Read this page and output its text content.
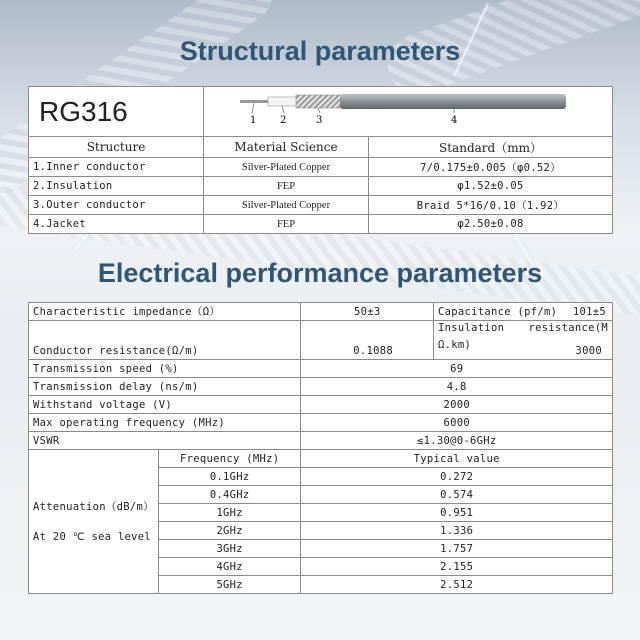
Structural parameters
RG316	1 2 3 4	

Structure	Material Science	Standard（mm）
1.Inner conductor	Silver-Plated Copper	7/0.175±0.005（φ0.52）
2.Insulation	FEP	φ1.52±0.05
3.Outer conductor	Silver-Plated Copper	Braid 5*16/0.10（1.92）
4.Jacket	FEP	φ2.50±0.08
Electrical performance parameters
Characteristic impedance（Ω）		50±3	Capacitance (pf/m) 101±5

Conductor resistance(Ω/m)		0.1088	Insulation resistance(M
Ω.km) 3000

Transmission speed (%)		69	
Transmission delay (ns/m)		4.8	
Withstand voltage (V)		2000	
Max operating frequency (MHz)		6000	
VSWR		≤1.30@0-6GHz	

Attenuation（dB/m）
At 20 ℃ sea level	Frequency (MHz)	Typical value	
	0.1GHz	0.272	
	0.4GHz	0.574	
	1GHz	0.951	
	2GHz	1.336	
	3GHz	1.757	
	4GHz	2.155	
	5GHz	2.512	
